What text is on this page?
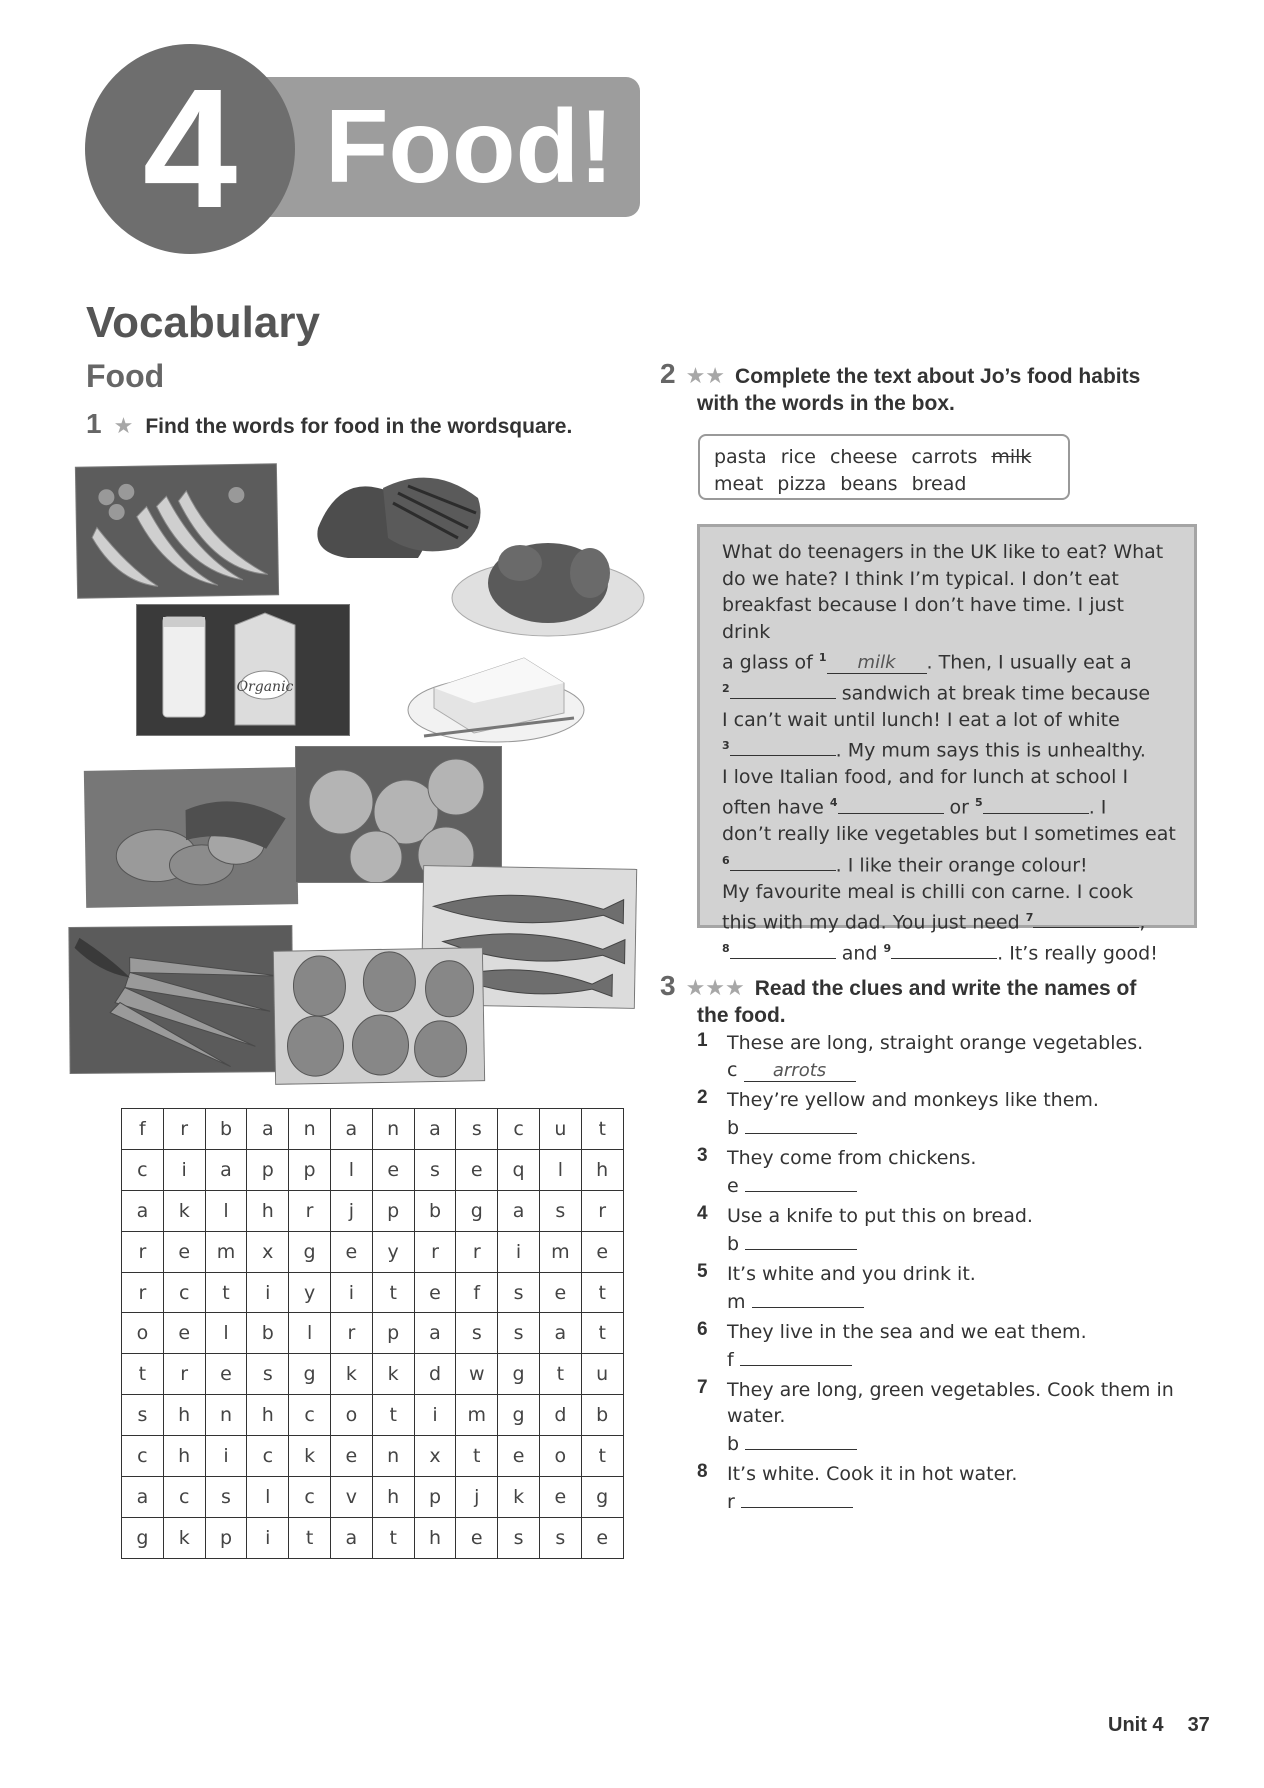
4 Food!
Vocabulary
Food
1 ★ Find the words for food in the wordsquare.
Organic
f	r	b	a	n	a	n	a	s	c	u	t
c	i	a	p	p	l	e	s	e	q	l	h
a	k	l	h	r	j	p	b	g	a	s	r
r	e	m	x	g	e	y	r	r	i	m	e
r	c	t	i	y	i	t	e	f	s	e	t
o	e	l	b	l	r	p	a	s	s	a	t
t	r	e	s	g	k	k	d	w	g	t	u
s	h	n	h	c	o	t	i	m	g	d	b
c	h	i	c	k	e	n	x	t	e	o	t
a	c	s	l	c	v	h	p	j	k	e	g
g	k	p	i	t	a	t	h	e	s	s	e
2 ★★ Complete the text about Jo’s food habits
with the words in the box.
pasta rice cheese carrots milk
meat pizza beans bread

What do teenagers in the UK like to eat? What

do we hate? I think I’m typical. I don’t eat

breakfast because I don’t have time. I just drink

a glass of $^1$ milk . Then, I usually eat a

$^2$	sandwich at break time because

I can’t wait until lunch! I eat a lot of white

$^3$	. My mum says this is unhealthy.

I love Italian food, and for lunch at school I

often have $^4$	or $^5$	. I

don’t really like vegetables but I sometimes eat

$^6$	. I like their orange colour!

My favourite meal is chilli con carne. I cook

this with my dad. You just need $^7$	,

$^8$	and $^9$	. It’s really good!

3 ★★★ Read the clues and write the names of
the food.
1 These are long, straight orange vegetables.
c arrots
2 They’re yellow and monkeys like them.
b
3 They come from chickens.
e
4 Use a knife to put this on bread.
b
5 It’s white and you drink it.
m
6 They live in the sea and we eat them.
f
7 They are long, green vegetables. Cook them in water.
b
8 It’s white. Cook it in hot water.
r
Unit 4 37
